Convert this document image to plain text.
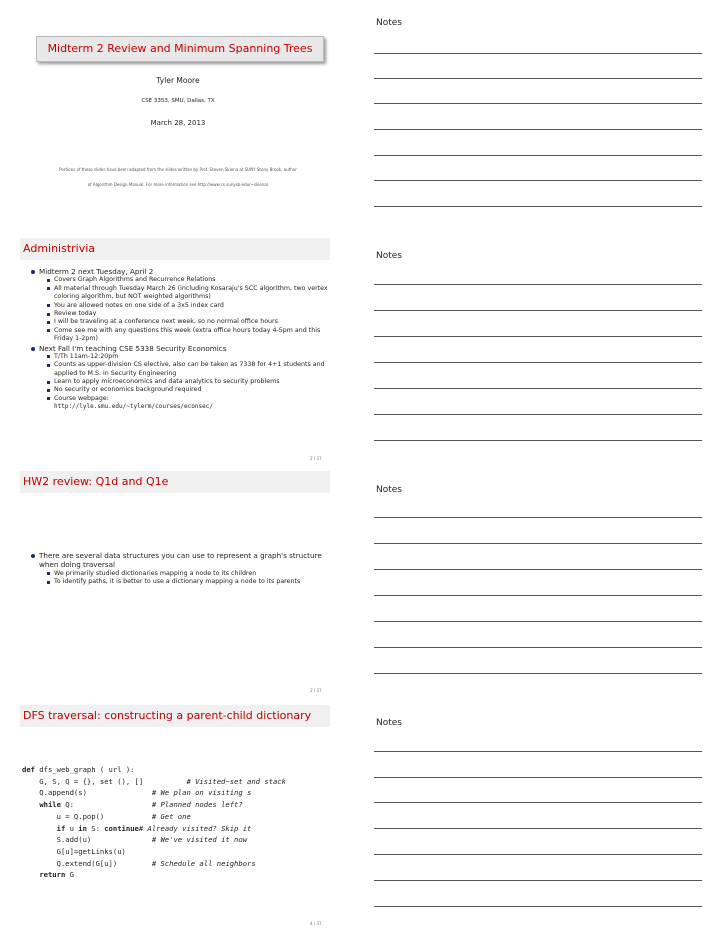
Notes
Midterm 2 Review and Minimum Spanning Trees
Tyler Moore
CSE 3353, SMU, Dallas, TX
March 28, 2013
Portions of these slides have been adapted from the slides written by Prof. Steven Skiena at SUNY Stony Brook, author
of Algorithm Design Manual. For more information see http://www.cs.sunysb.edu/~skiena/
Administrivia
Notes
Midterm 2 next Tuesday, April 2
Covers Graph Algorithms and Recurrence Relations
All material through Tuesday March 26 (including Kosaraju's SCC algorithm, two vertex coloring algorithm, but NOT weighted algorithms)
You are allowed notes on one side of a 3x5 index card
Review today
I will be traveling at a conference next week, so no normal office hours
Come see me with any questions this week (extra office hours today 4-5pm and this Friday 1-2pm)
Next Fall I'm teaching CSE 5338 Security Economics
T/Th 11am-12:20pm
Counts as upper-division CS elective, also can be taken as 7338 for 4+1 students and applied to M.S. in Security Engineering
Learn to apply microeconomics and data analytics to security problems
No security or economics background required
Course webpage:
http://lyle.smu.edu/~tylerm/courses/econsec/
2 / 37
HW2 review: Q1d and Q1e
Notes
There are several data structures you can use to represent a graph's structure when doing traversal
We primarily studied dictionaries mapping a node to its children
To identify paths, it is better to use a dictionary mapping a node to its parents
3 / 37
DFS traversal: constructing a parent-child dictionary
Notes
def dfs_web_graph ( url ):
G, S, Q = {}, set (), []	# Visited−set and stack
Q.append(s)	# We plan on visiting s
while Q:                  # Planned nodes left?
u = Q.pop()	# Get one
if u in S: continue# Already visited? Skip it
S.add(u)	# We've visited it now
G[u]=getLinks(u)
Q.extend(G[u])	# Schedule all neighbors
return G
4 / 37
